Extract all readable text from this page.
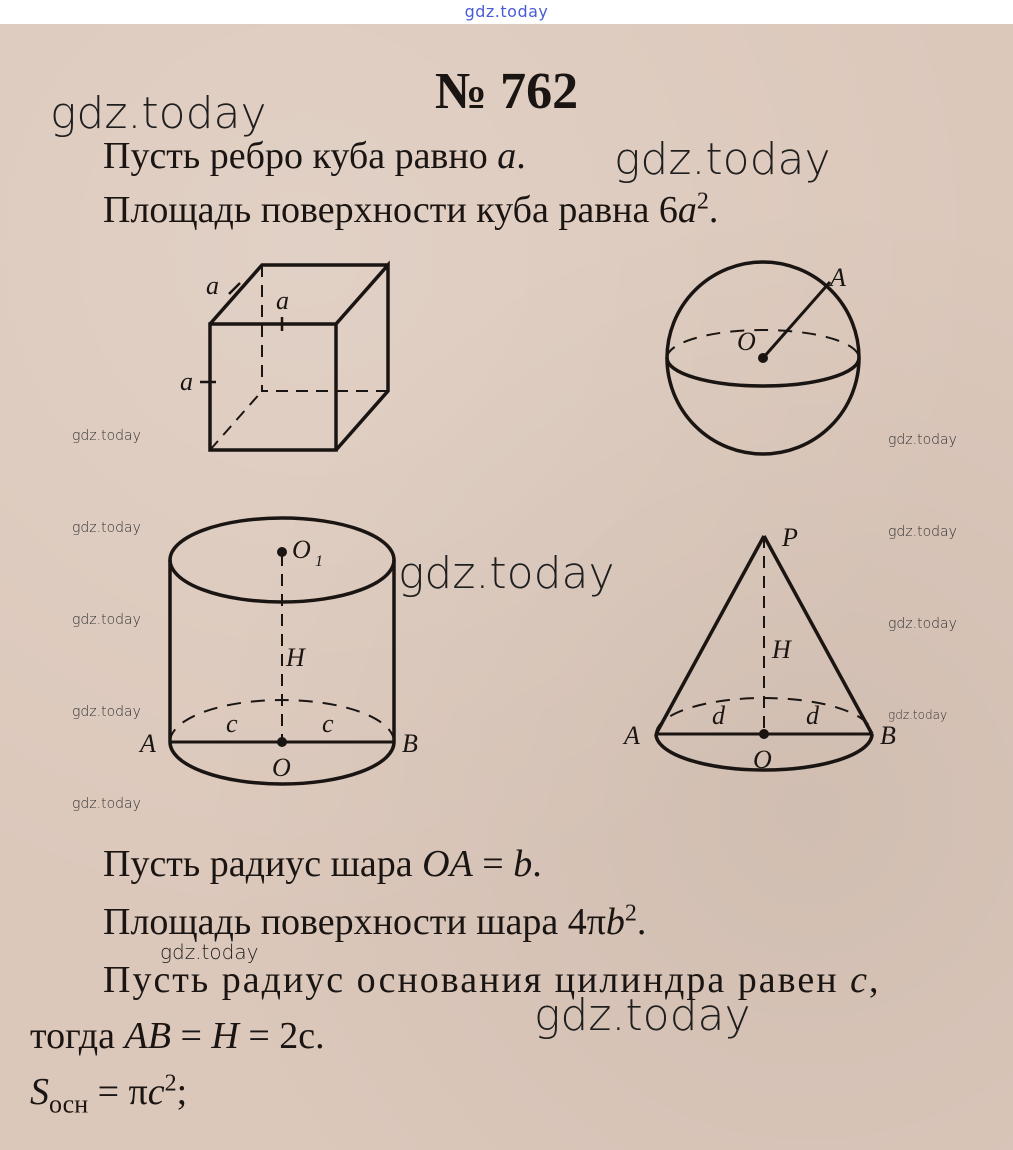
gdz.today
№ 762
gdz.today
Пусть ребро куба равно a. gdz.today
Площадь поверхности куба равна $6a^2$.
a
a
a
A
O
O 1
H
c	c
A	B
O
P
H
d	d
A	B
O
gdz.today	gdz.today
gdz.today	gdz.today
gdz.today	gdz.today
gdz.today	gdz.today
gdz.today
gdz.today
Пусть радиус шара OA = b.
Площадь поверхности шара $4\pi b^2$.
gdz.today
Пусть радиус основания цилиндра равен c,
тогда AB = H = 2с.	gdz.today
$S_{осн} = \pi c^2$;
